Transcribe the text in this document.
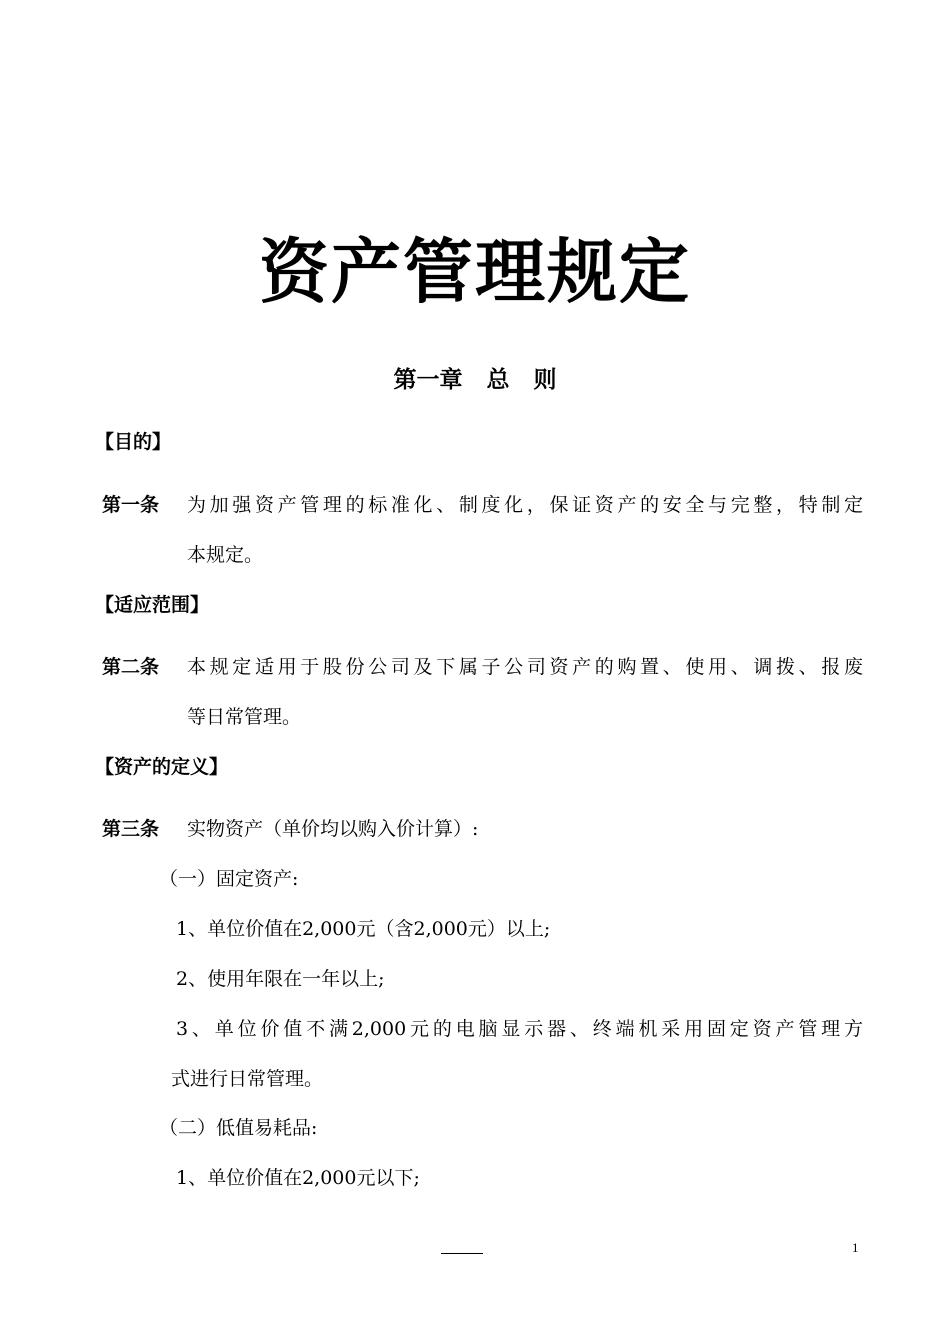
资产管理规定
第一章   总   则
【目的】
第一条 为加强资产管理的标准化、制度化，保证资产的安全与完整，特制定
本规定。
【适应范围】
第二条 本规定适用于股份公司及下属子公司资产的购置、使用、调拨、报废
等日常管理。
【资产的定义】
第三条 实物资产（单价均以购入价计算）:
（一）固定资产:
1、单位价值在2,000元（含2,000元）以上;
2、使用年限在一年以上;
3、单位价值不满2,000元的电脑显示器、终端机采用固定资产管理方
式进行日常管理。
（二）低值易耗品:
1、单位价值在2,000元以下;
1
